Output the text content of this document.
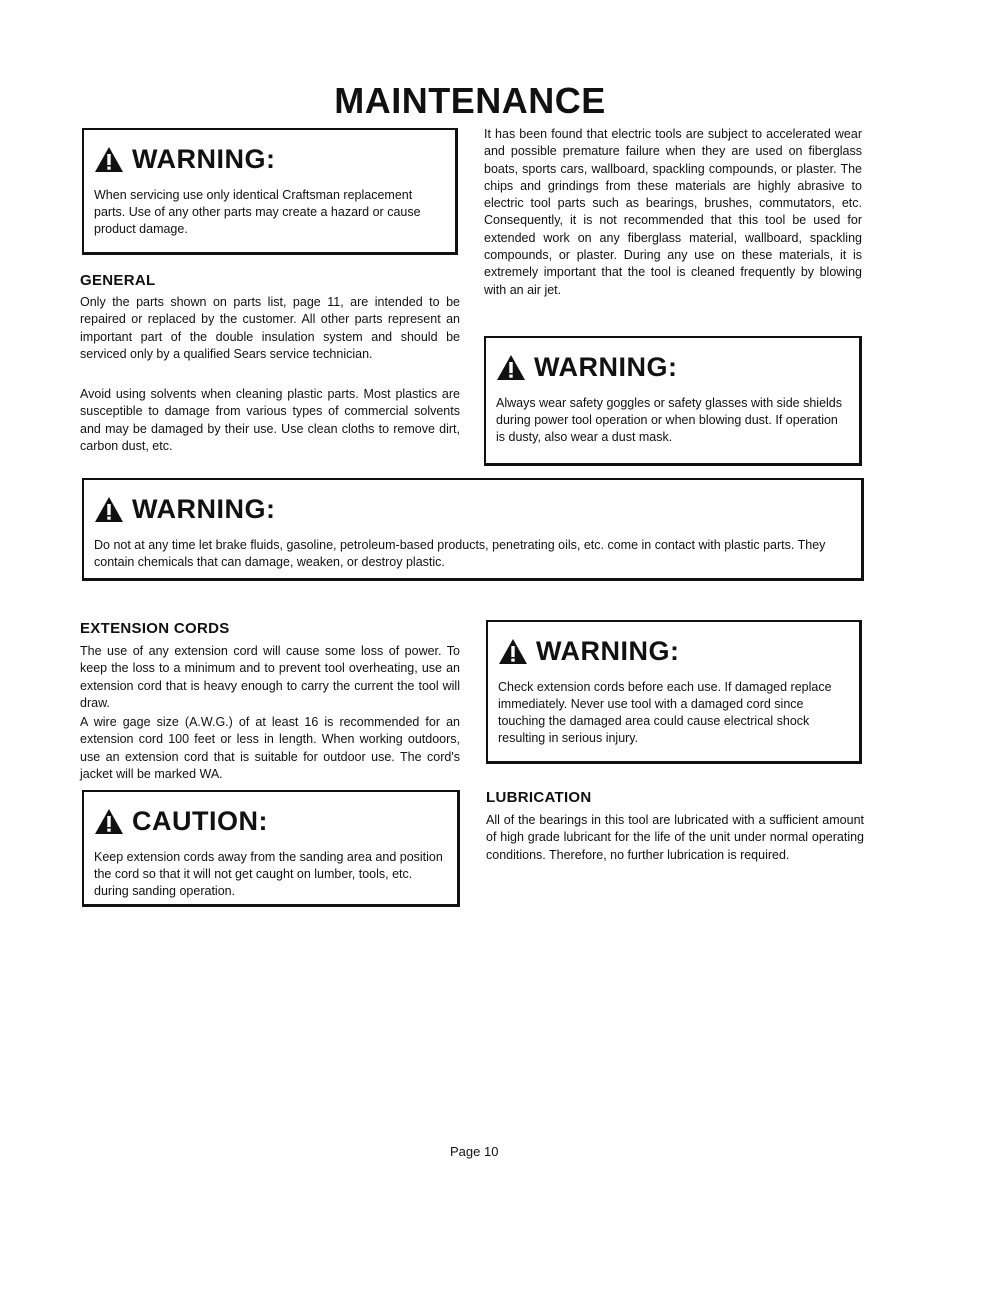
MAINTENANCE
WARNING:
When servicing use only identical Craftsman replacement parts. Use of any other parts may create a hazard or cause product damage.
GENERAL
Only the parts shown on parts list, page 11, are intended to be repaired or replaced by the customer. All other parts represent an important part of the double insulation system and should be serviced only by a qualified Sears service technician.
Avoid using solvents when cleaning plastic parts. Most plastics are susceptible to damage from various types of commercial solvents and may be damaged by their use. Use clean cloths to remove dirt, carbon dust, etc.
It has been found that electric tools are subject to accelerated wear and possible premature failure when they are used on fiberglass boats, sports cars, wallboard, spackling compounds, or plaster. The chips and grindings from these materials are highly abrasive to electric tool parts such as bearings, brushes, commutators, etc. Consequently, it is not recommended that this tool be used for extended work on any fiberglass material, wallboard, spackling compounds, or plaster. During any use on these materials, it is extremely important that the tool is cleaned frequently by blowing with an air jet.
WARNING:
Always wear safety goggles or safety glasses with side shields during power tool operation or when blowing dust. If operation is dusty, also wear a dust mask.
WARNING:
Do not at any time let brake fluids, gasoline, petroleum-based products, penetrating oils, etc. come in contact with plastic parts. They contain chemicals that can damage, weaken, or destroy plastic.
EXTENSION CORDS
The use of any extension cord will cause some loss of power. To keep the loss to a minimum and to prevent tool overheating, use an extension cord that is heavy enough to carry the current the tool will draw.
A wire gage size (A.W.G.) of at least 16 is recommended for an extension cord 100 feet or less in length. When working outdoors, use an extension cord that is suitable for outdoor use. The cord's jacket will be marked WA.
CAUTION:
Keep extension cords away from the sanding area and position the cord so that it will not get caught on lumber, tools, etc. during sanding operation.
WARNING:
Check extension cords before each use. If damaged replace immediately. Never use tool with a damaged cord since touching the damaged area could cause electrical shock resulting in serious injury.
LUBRICATION
All of the bearings in this tool are lubricated with a sufficient amount of high grade lubricant for the life of the unit under normal operating conditions. Therefore, no further lubrication is required.
Page 10
